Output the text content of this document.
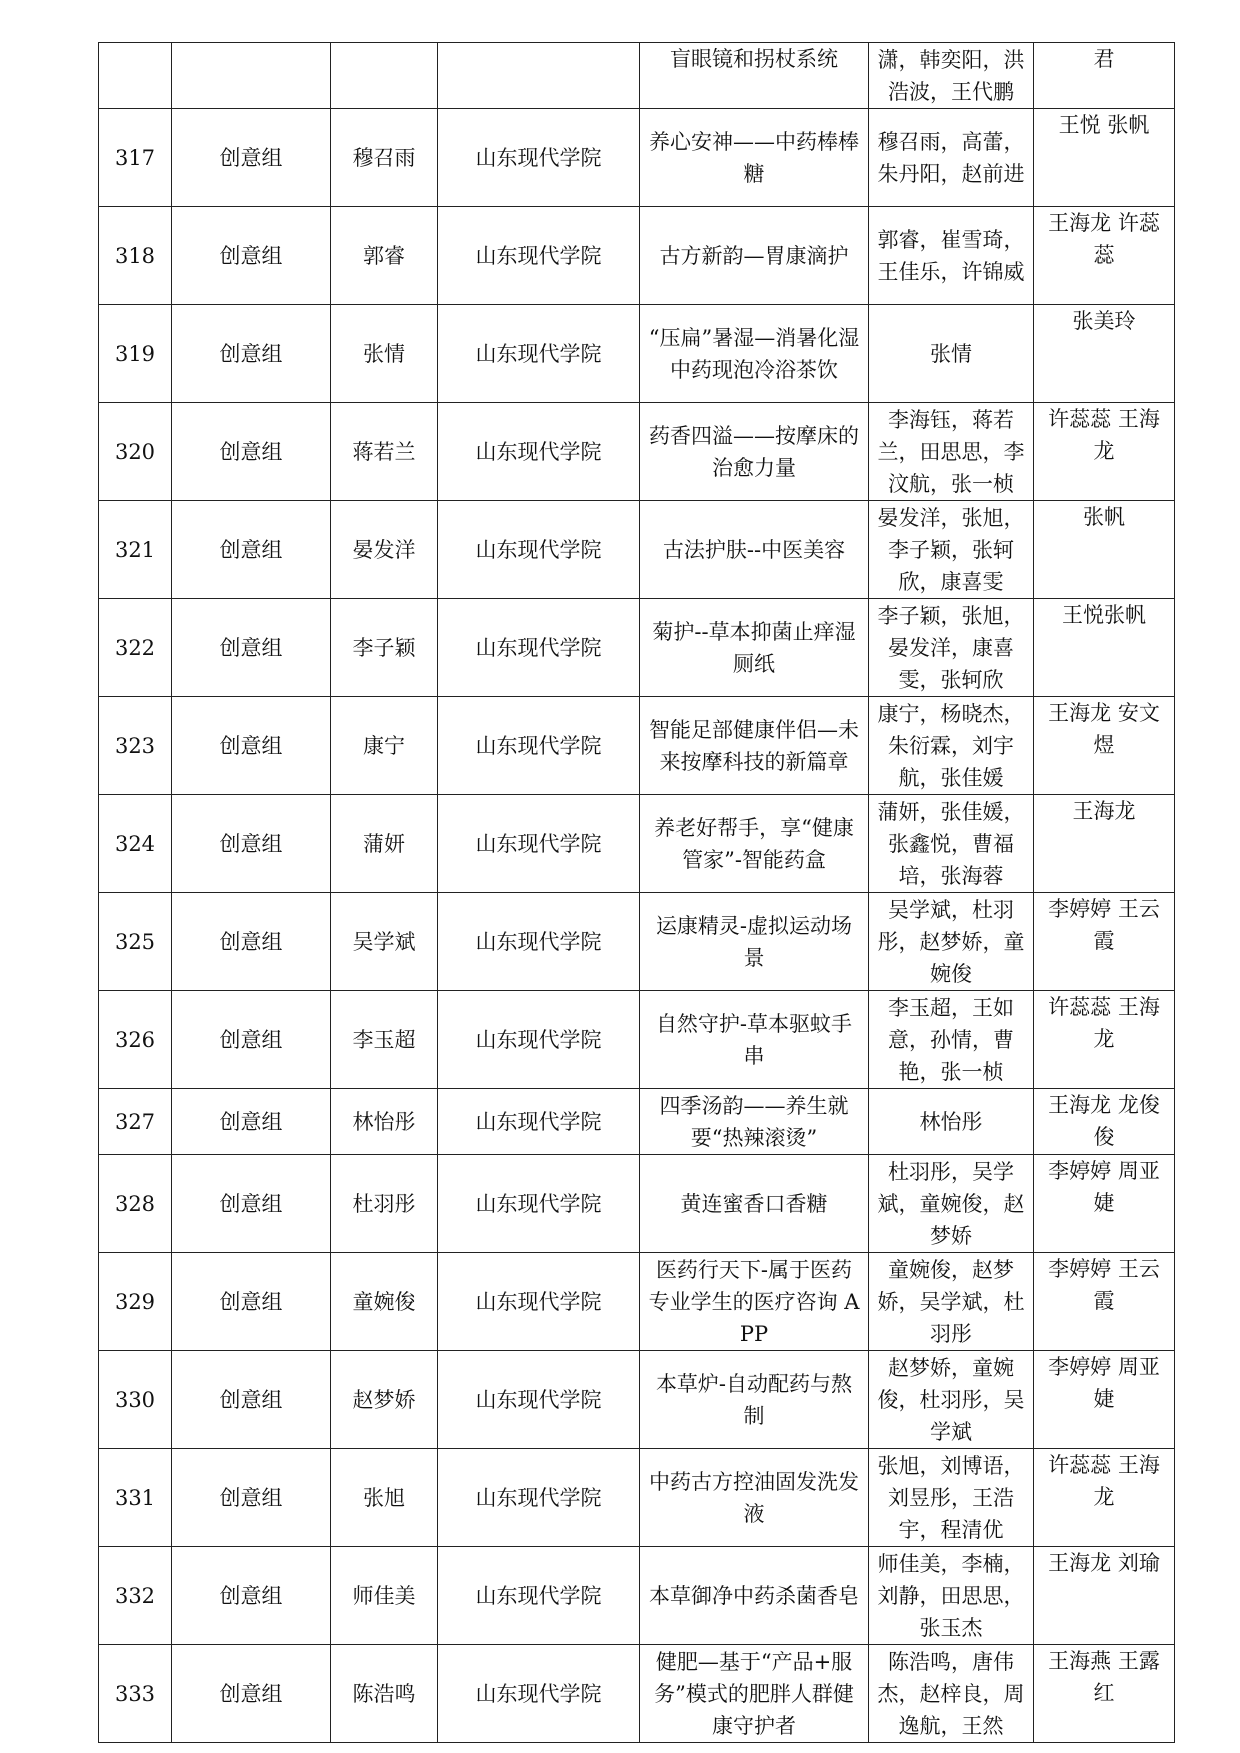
				盲眼镜和拐杖系统	潇，韩奕阳，洪浩波，王代鹏	君
317	创意组	穆召雨	山东现代学院	养心安神——中药棒棒糖	穆召雨，高蕾，朱丹阳，赵前进	王悦 张帆
318	创意组	郭睿	山东现代学院	古方新韵—胃康滴护	郭睿，崔雪琦，王佳乐，许锦威	王海龙 许蕊蕊
319	创意组	张情	山东现代学院	“压扁”暑湿—消暑化湿中药现泡冷浴茶饮	张情	张美玲
320	创意组	蒋若兰	山东现代学院	药香四溢——按摩床的治愈力量	李海钰，蒋若兰，田思思，李汶航，张一桢	许蕊蕊 王海龙
321	创意组	晏发洋	山东现代学院	古法护肤--中医美容	晏发洋，张旭，李子颖，张轲欣，康喜雯	张帆
322	创意组	李子颖	山东现代学院	菊护--草本抑菌止痒湿厕纸	李子颖，张旭，晏发洋，康喜雯，张轲欣	王悦张帆
323	创意组	康宁	山东现代学院	智能足部健康伴侣—未来按摩科技的新篇章	康宁，杨晓杰，朱衍霖，刘宇航，张佳媛	王海龙 安文煜
324	创意组	蒲妍	山东现代学院	养老好帮手，享“健康管家”-智能药盒	蒲妍，张佳媛，张鑫悦，曹福培，张海蓉	王海龙
325	创意组	吴学斌	山东现代学院	运康精灵-虚拟运动场景	吴学斌，杜羽彤，赵梦娇，童婉俊	李婷婷 王云霞
326	创意组	李玉超	山东现代学院	自然守护-草本驱蚊手串	李玉超，王如意，孙情，曹艳，张一桢	许蕊蕊 王海龙
327	创意组	林怡彤	山东现代学院	四季汤韵——养生就要“热辣滚烫”	林怡彤	王海龙 龙俊俊
328	创意组	杜羽彤	山东现代学院	黄连蜜香口香糖	杜羽彤，吴学斌，童婉俊，赵梦娇	李婷婷 周亚婕
329	创意组	童婉俊	山东现代学院	医药行天下-属于医药专业学生的医疗咨询 APP	童婉俊，赵梦娇，吴学斌，杜羽彤	李婷婷 王云霞
330	创意组	赵梦娇	山东现代学院	本草炉-自动配药与熬制	赵梦娇，童婉俊，杜羽彤，吴学斌	李婷婷 周亚婕
331	创意组	张旭	山东现代学院	中药古方控油固发洗发液	张旭，刘博语，刘昱彤，王浩宇，程清优	许蕊蕊 王海龙
332	创意组	师佳美	山东现代学院	本草御净中药杀菌香皂	师佳美，李楠，刘静，田思思，张玉杰	王海龙 刘瑜
333	创意组	陈浩鸣	山东现代学院	健肥—基于“产品+服务”模式的肥胖人群健康守护者	陈浩鸣，唐伟杰，赵梓良，周逸航，王然	王海燕 王露红
